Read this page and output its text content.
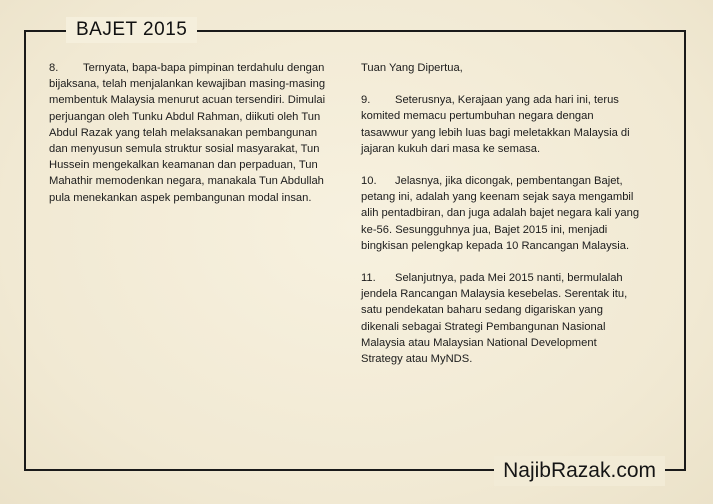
BAJET 2015
8. Ternyata, bapa-bapa pimpinan terdahulu dengan
bijaksana, telah menjalankan kewajiban masing-masing
membentuk Malaysia menurut acuan tersendiri. Dimulai
perjuangan oleh Tunku Abdul Rahman, diikuti oleh Tun
Abdul Razak yang telah melaksanakan pembangunan
dan menyusun semula struktur sosial masyarakat, Tun
Hussein mengekalkan keamanan dan perpaduan, Tun
Mahathir memodenkan negara, manakala Tun Abdullah
pula menekankan aspek pembangunan modal insan.
Tuan Yang Dipertua,
9. Seterusnya, Kerajaan yang ada hari ini, terus
komited memacu pertumbuhan negara dengan
tasawwur yang lebih luas bagi meletakkan Malaysia di
jajaran kukuh dari masa ke semasa.
10. Jelasnya, jika dicongak, pembentangan Bajet,
petang ini, adalah yang keenam sejak saya mengambil
alih pentadbiran, dan juga adalah bajet negara kali yang
ke-56. Sesungguhnya jua, Bajet 2015 ini, menjadi
bingkisan pelengkap kepada 10 Rancangan Malaysia.
11. Selanjutnya, pada Mei 2015 nanti, bermulalah
jendela Rancangan Malaysia kesebelas. Serentak itu,
satu pendekatan baharu sedang digariskan yang
dikenali sebagai Strategi Pembangunan Nasional
Malaysia atau Malaysian National Development
Strategy atau MyNDS.
NajibRazak.com
